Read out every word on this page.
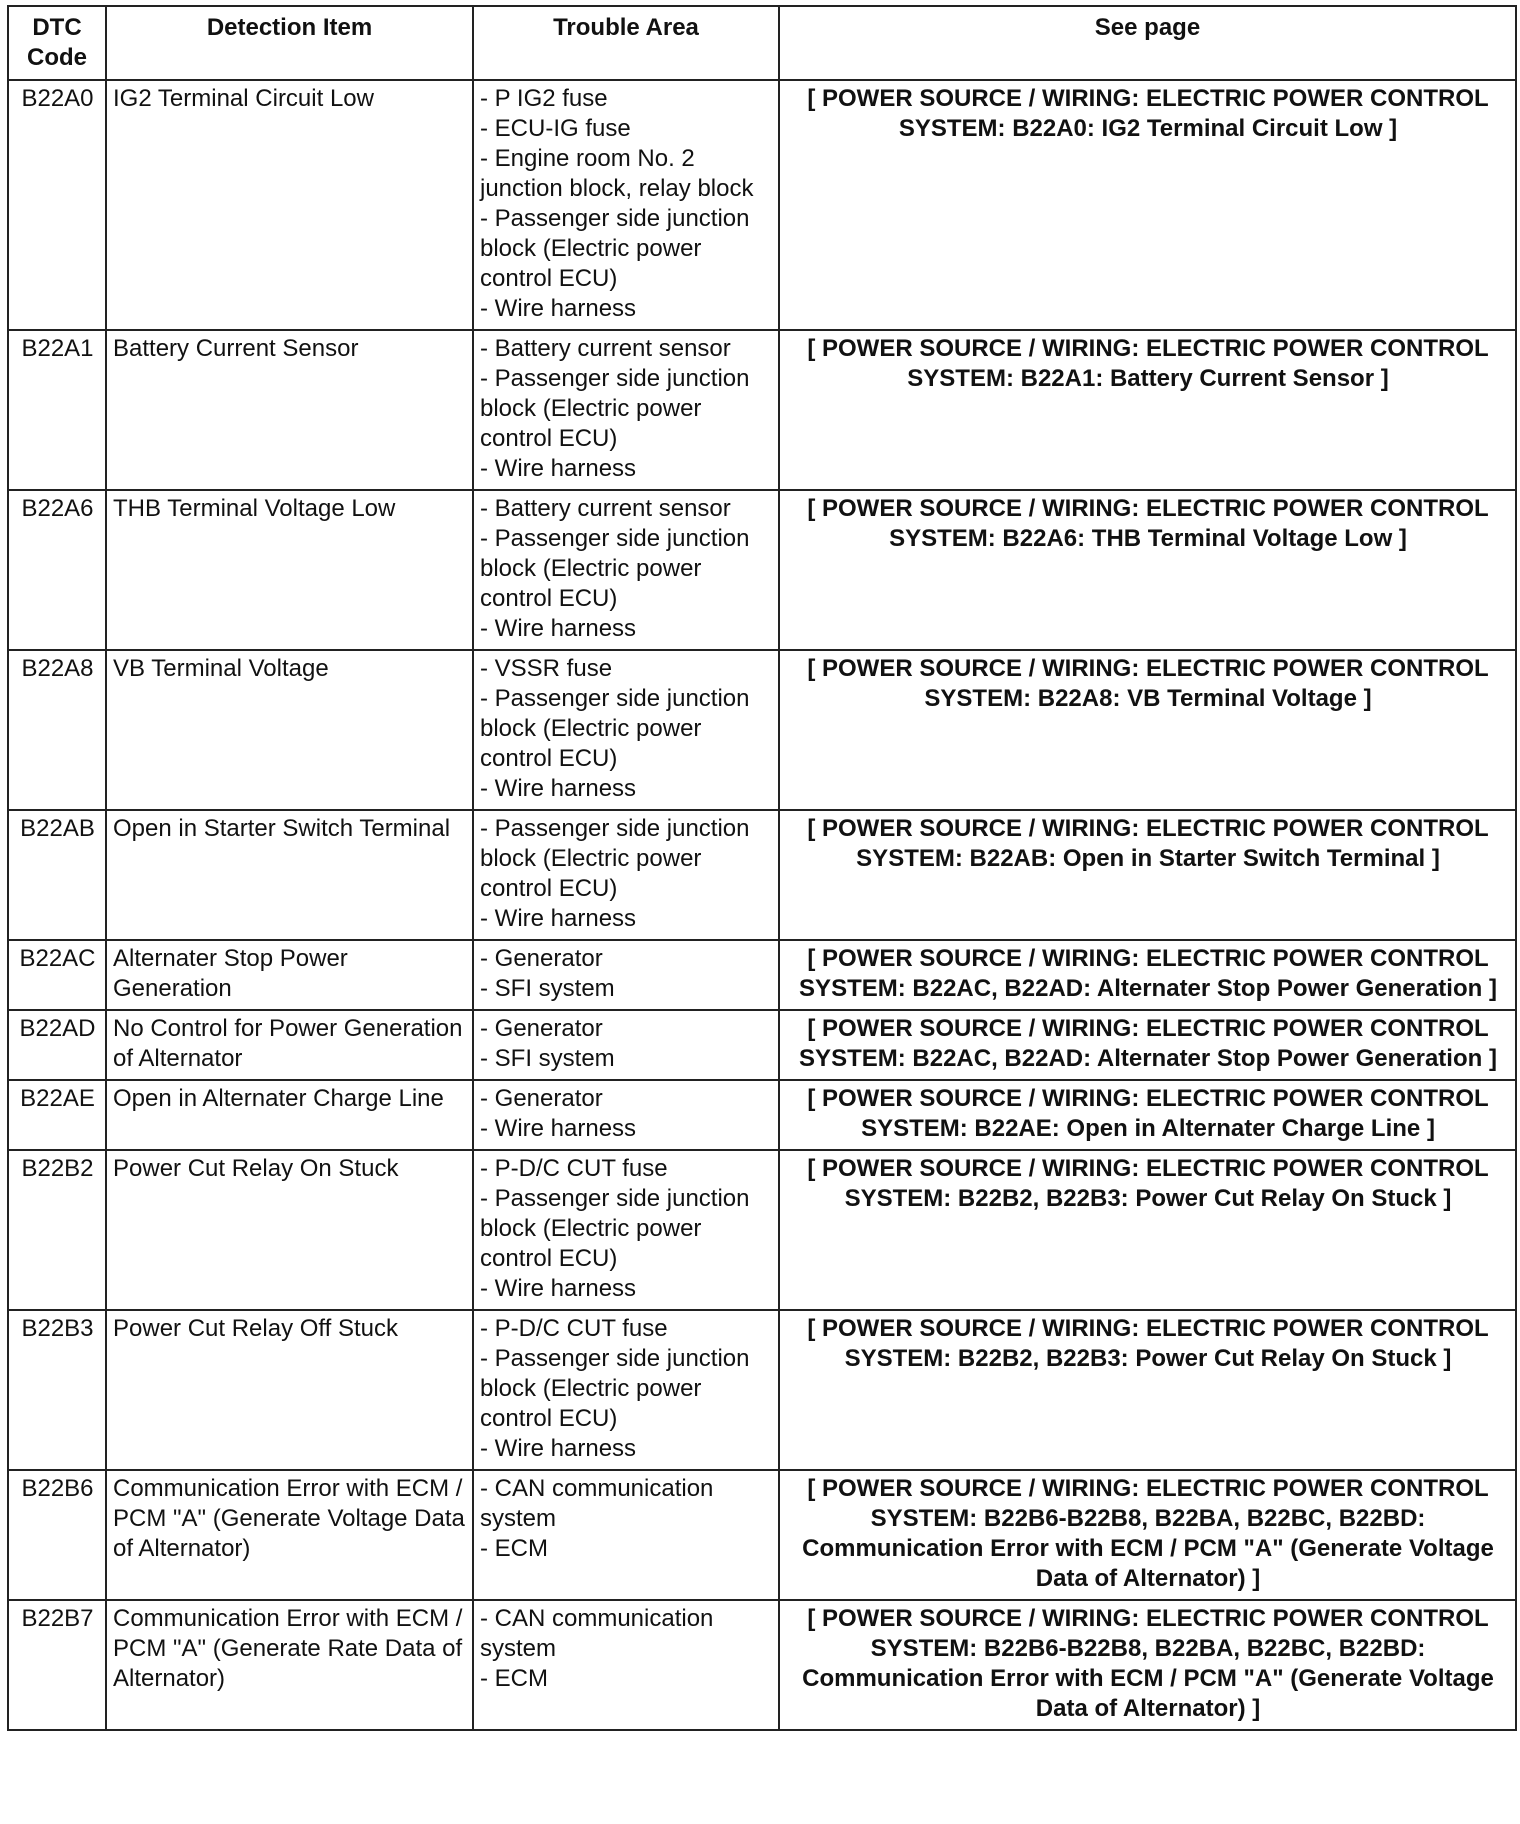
DTC
Code	Detection Item	Trouble Area	See page
B22A0	IG2 Terminal Circuit Low	- P IG2 fuse
- ECU-IG fuse
- Engine room No. 2 junction block, relay block
- Passenger side junction block (Electric power control ECU)
- Wire harness	[ POWER SOURCE / WIRING: ELECTRIC POWER CONTROL SYSTEM: B22A0: IG2 Terminal Circuit Low ]
B22A1	Battery Current Sensor	- Battery current sensor
- Passenger side junction block (Electric power control ECU)
- Wire harness	[ POWER SOURCE / WIRING: ELECTRIC POWER CONTROL SYSTEM: B22A1: Battery Current Sensor ]
B22A6	THB Terminal Voltage Low	- Battery current sensor
- Passenger side junction block (Electric power control ECU)
- Wire harness	[ POWER SOURCE / WIRING: ELECTRIC POWER CONTROL SYSTEM: B22A6: THB Terminal Voltage Low ]
B22A8	VB Terminal Voltage	- VSSR fuse
- Passenger side junction block (Electric power control ECU)
- Wire harness	[ POWER SOURCE / WIRING: ELECTRIC POWER CONTROL SYSTEM: B22A8: VB Terminal Voltage ]
B22AB	Open in Starter Switch Terminal	- Passenger side junction block (Electric power control ECU)
- Wire harness	[ POWER SOURCE / WIRING: ELECTRIC POWER CONTROL SYSTEM: B22AB: Open in Starter Switch Terminal ]
B22AC	Alternater Stop Power Generation	- Generator
- SFI system	[ POWER SOURCE / WIRING: ELECTRIC POWER CONTROL SYSTEM: B22AC, B22AD: Alternater Stop Power Generation ]
B22AD	No Control for Power Generation of Alternator	- Generator
- SFI system	[ POWER SOURCE / WIRING: ELECTRIC POWER CONTROL SYSTEM: B22AC, B22AD: Alternater Stop Power Generation ]
B22AE	Open in Alternater Charge Line	- Generator
- Wire harness	[ POWER SOURCE / WIRING: ELECTRIC POWER CONTROL SYSTEM: B22AE: Open in Alternater Charge Line ]
B22B2	Power Cut Relay On Stuck	- P-D/C CUT fuse
- Passenger side junction block (Electric power control ECU)
- Wire harness	[ POWER SOURCE / WIRING: ELECTRIC POWER CONTROL SYSTEM: B22B2, B22B3: Power Cut Relay On Stuck ]
B22B3	Power Cut Relay Off Stuck	- P-D/C CUT fuse
- Passenger side junction block (Electric power control ECU)
- Wire harness	[ POWER SOURCE / WIRING: ELECTRIC POWER CONTROL SYSTEM: B22B2, B22B3: Power Cut Relay On Stuck ]
B22B6	Communication Error with ECM / PCM "A" (Generate Voltage Data of Alternator)	- CAN communication system
- ECM	[ POWER SOURCE / WIRING: ELECTRIC POWER CONTROL SYSTEM: B22B6-B22B8, B22BA, B22BC, B22BD: Communication Error with ECM / PCM "A" (Generate Voltage Data of Alternator) ]
B22B7	Communication Error with ECM / PCM "A" (Generate Rate Data of Alternator)	- CAN communication system
- ECM	[ POWER SOURCE / WIRING: ELECTRIC POWER CONTROL SYSTEM: B22B6-B22B8, B22BA, B22BC, B22BD: Communication Error with ECM / PCM "A" (Generate Voltage Data of Alternator) ]
